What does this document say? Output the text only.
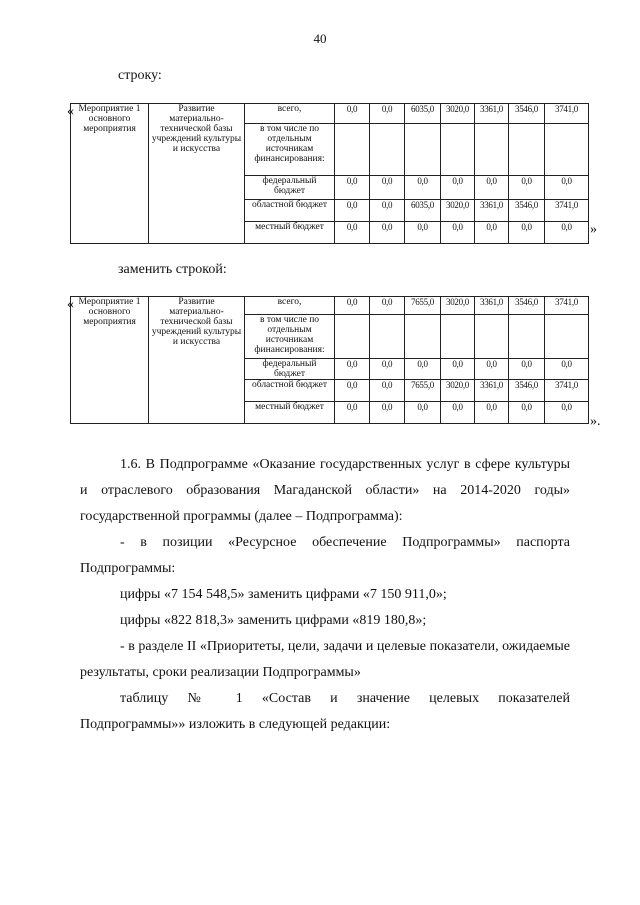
40
строку:
« Мероприятие 1 основного мероприятия	Развитие материально-технической базы учреждений культуры и искусства	всего,	0,0	0,0	6035,0	3020,0	3361,0	3546,0	3741,0
		в том числе по отдельным источникам финансирования:							
		федеральный бюджет	0,0	0,0	0,0	0,0	0,0	0,0	0,0
		областной бюджет	0,0	0,0	6035,0	3020,0	3361,0	3546,0	3741,0
		местный бюджет	0,0	0,0	0,0	0,0	0,0	0,0	0,0 »
заменить строкой:
« Мероприятие 1 основного мероприятия	Развитие материально-технической базы учреждений культуры и искусства	всего,	0,0	0,0	7655,0	3020,0	3361,0	3546,0	3741,0
		в том числе по отдельным источникам финансирования:							
		федеральный бюджет	0,0	0,0	0,0	0,0	0,0	0,0	0,0
		областной бюджет	0,0	0,0	7655,0	3020,0	3361,0	3546,0	3741,0
		местный бюджет	0,0	0,0	0,0	0,0	0,0	0,0	0,0
».

1.6. В Подпрограмме «Оказание государственных услуг в сфере культуры и отраслевого образования Магаданской области» на 2014-2020 годы» государственной программы (далее – Подпрограмма):

- в позиции «Ресурсное обеспечение Подпрограммы» паспорта Подпрограммы:

цифры «7 154 548,5» заменить цифрами «7 150 911,0»;

цифры «822 818,3» заменить цифрами «819 180,8»;

- в разделе II «Приоритеты, цели, задачи и целевые показатели, ожидаемые результаты, сроки реализации Подпрограммы»

таблицу № 1 «Состав и значение целевых показателей

Подпрограммы»» изложить в следующей редакции:
